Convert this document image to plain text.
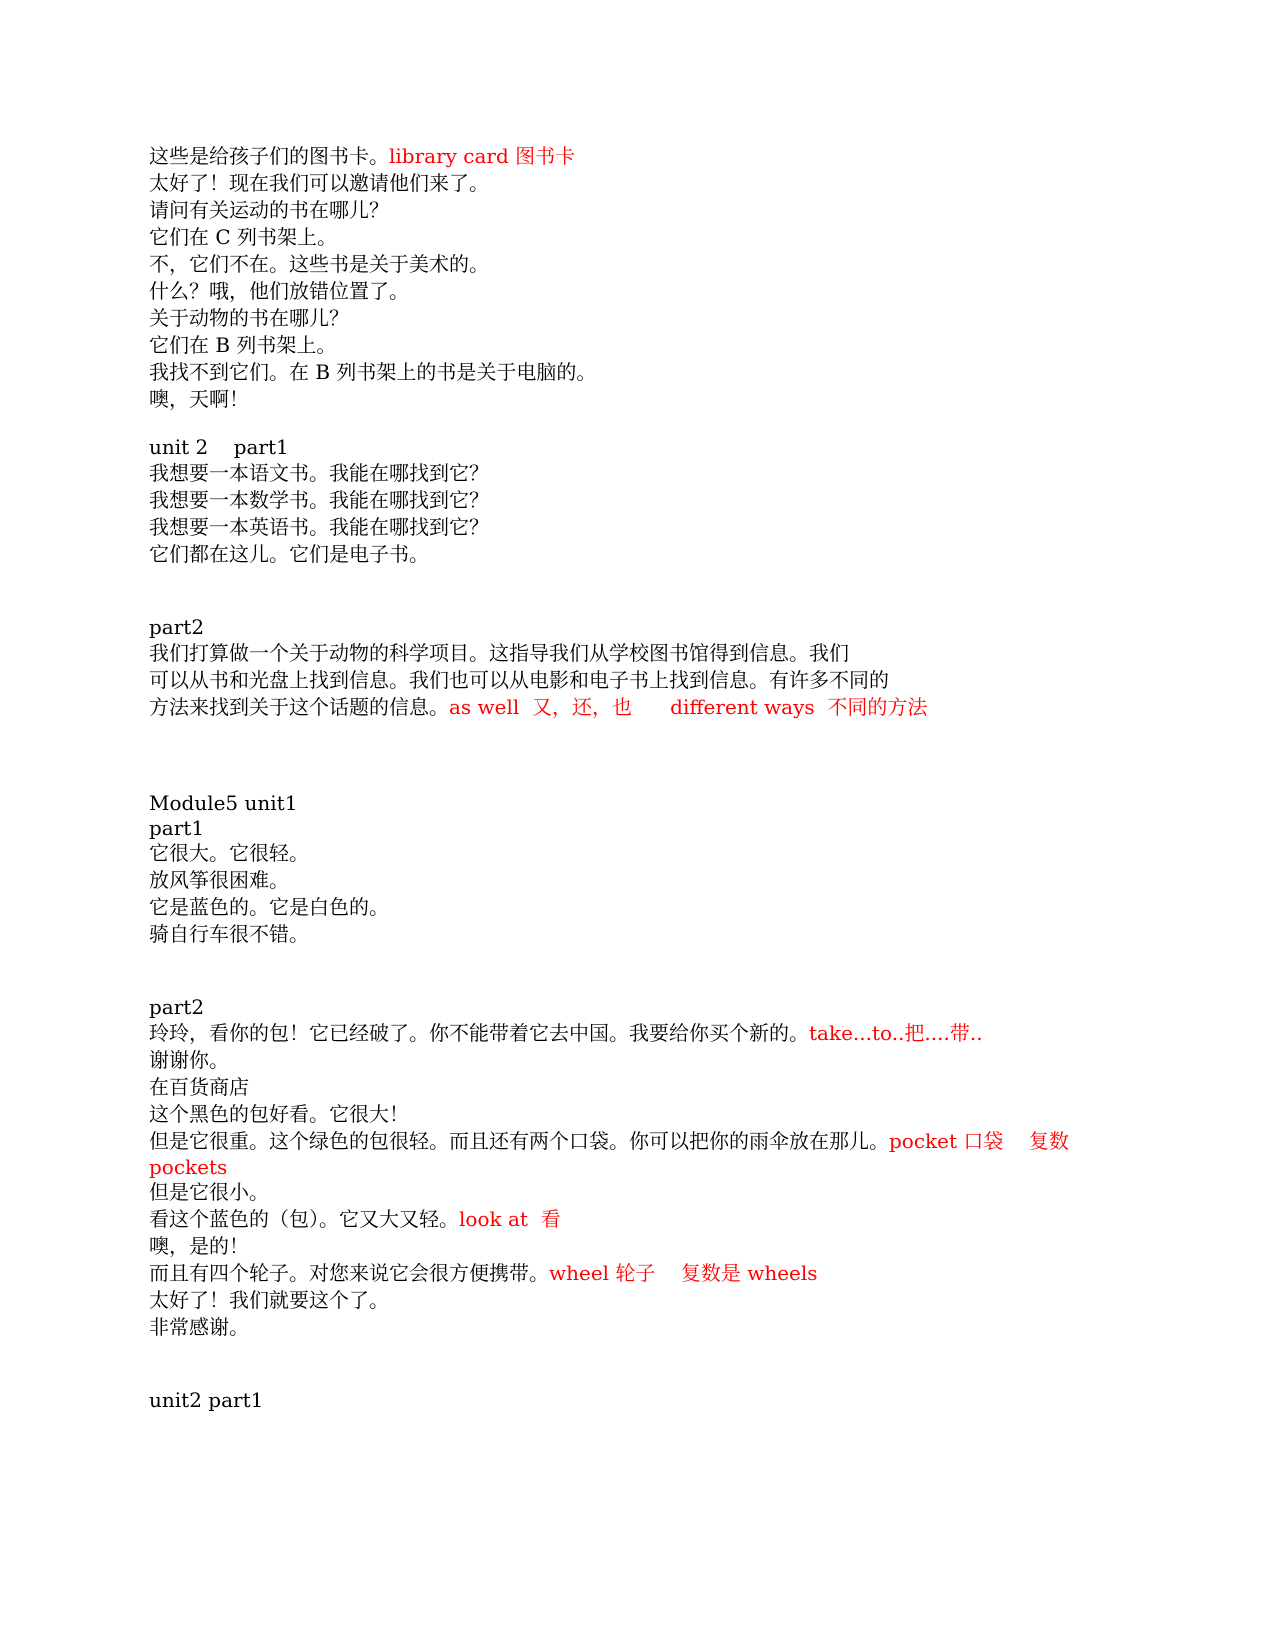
这些是给孩子们的图书卡。library card 图书卡
太好了！现在我们可以邀请他们来了。
请问有关运动的书在哪儿？
它们在 C 列书架上。
不，它们不在。这些书是关于美术的。
什么？哦，他们放错位置了。
关于动物的书在哪儿？
它们在 B 列书架上。
我找不到它们。在 B 列书架上的书是关于电脑的。
噢，天啊！
unit 2    part1
我想要一本语文书。我能在哪找到它？
我想要一本数学书。我能在哪找到它？
我想要一本英语书。我能在哪找到它？
它们都在这儿。它们是电子书。
part2
我们打算做一个关于动物的科学项目。这指导我们从学校图书馆得到信息。我们
可以从书和光盘上找到信息。我们也可以从电影和电子书上找到信息。有许多不同的
方法来找到关于这个话题的信息。as well  又，还，也      different ways  不同的方法
Module5 unit1
part1
它很大。它很轻。
放风筝很困难。
它是蓝色的。它是白色的。
骑自行车很不错。
part2
玲玲，看你的包！它已经破了。你不能带着它去中国。我要给你买个新的。take...to..把....带..
谢谢你。
在百货商店
这个黑色的包好看。它很大！
但是它很重。这个绿色的包很轻。而且还有两个口袋。你可以把你的雨伞放在那儿。pocket 口袋    复数
pockets
但是它很小。
看这个蓝色的（包）。它又大又轻。look at  看
噢，是的！
而且有四个轮子。对您来说它会很方便携带。wheel 轮子    复数是 wheels
太好了！我们就要这个了。
非常感谢。
unit2 part1
